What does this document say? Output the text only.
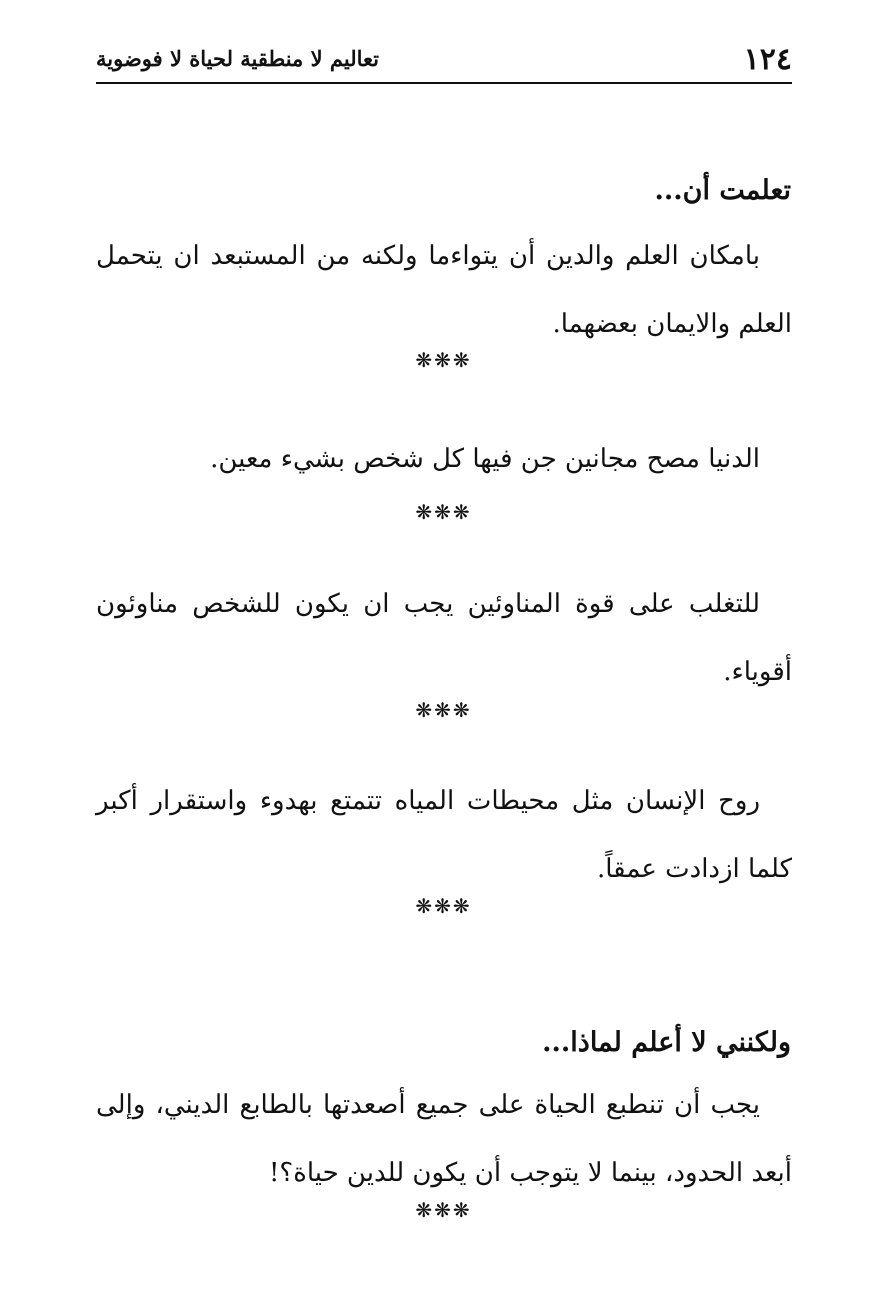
١٢٤
تعاليم لا منطقية لحياة لا فوضوية
تعلمت أن...
بامكان العلم والدين أن يتواءما ولكنه من المستبعد ان يتحمل العلم والايمان بعضهما.
❋❋❋
الدنيا مصح مجانين جن فيها كل شخص بشيء معين.
❋❋❋
للتغلب على قوة المناوئين يجب ان يكون للشخص مناوئون أقوياء.
❋❋❋
روح الإنسان مثل محيطات المياه تتمتع بهدوء واستقرار أكبر كلما ازدادت عمقاً.
❋❋❋
ولكنني لا أعلم لماذا...
يجب أن تنطبع الحياة على جميع أصعدتها بالطابع الديني، وإلى أبعد الحدود، بينما لا يتوجب أن يكون للدين حياة؟!
❋❋❋
